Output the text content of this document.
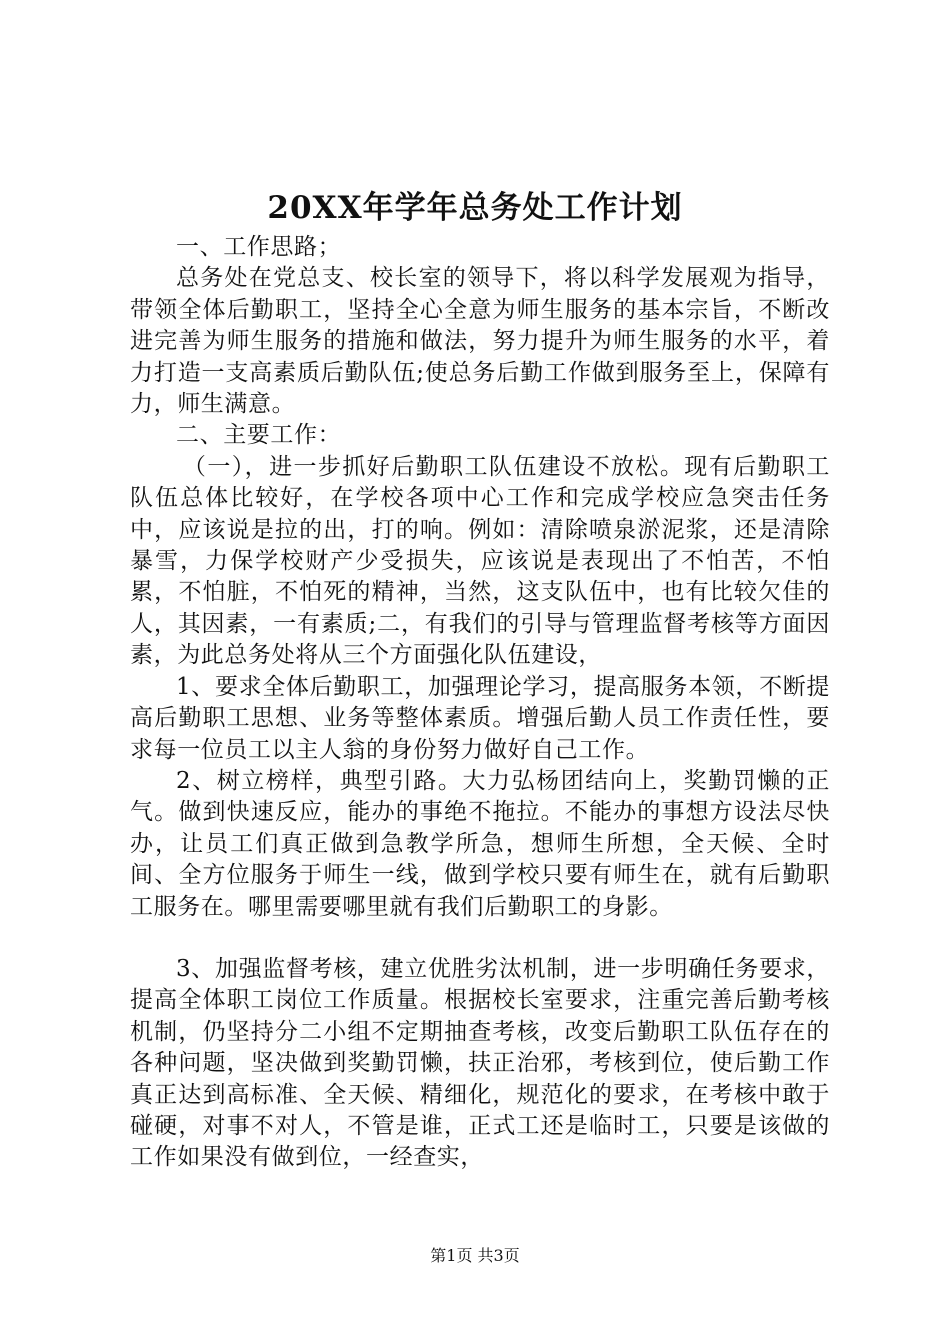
20XX年学年总务处工作计划

一、工作思路；

总务处在党总支、校长室的领导下，将以科学发展观为指导，带领全体后勤职工，坚持全心全意为师生服务的基本宗旨，不断改进完善为师生服务的措施和做法，努力提升为师生服务的水平，着力打造一支高素质后勤队伍;使总务后勤工作做到服务至上，保障有力，师生满意。

二、主要工作：

（一），进一步抓好后勤职工队伍建设不放松。现有后勤职工队伍总体比较好，在学校各项中心工作和完成学校应急突击任务中，应该说是拉的出，打的响。例如：清除喷泉淤泥浆，还是清除暴雪，力保学校财产少受损失，应该说是表现出了不怕苦，不怕累，不怕脏，不怕死的精神，当然，这支队伍中，也有比较欠佳的人，其因素，一有素质;二，有我们的引导与管理监督考核等方面因素，为此总务处将从三个方面强化队伍建设，

1、要求全体后勤职工，加强理论学习，提高服务本领，不断提高后勤职工思想、业务等整体素质。增强后勤人员工作责任性，要求每一位员工以主人翁的身份努力做好自己工作。

2、树立榜样，典型引路。大力弘杨团结向上，奖勤罚懒的正气。做到快速反应，能办的事绝不拖拉。不能办的事想方设法尽快办，让员工们真正做到急教学所急，想师生所想，全天候、全时间、全方位服务于师生一线，做到学校只要有师生在，就有后勤职工服务在。哪里需要哪里就有我们后勤职工的身影。

3、加强监督考核，建立优胜劣汰机制，进一步明确任务要求，提高全体职工岗位工作质量。根据校长室要求，注重完善后勤考核机制，仍坚持分二小组不定期抽查考核，改变后勤职工队伍存在的各种问题，坚决做到奖勤罚懒，扶正治邪，考核到位，使后勤工作真正达到高标准、全天候、精细化，规范化的要求，在考核中敢于碰硬，对事不对人，不管是谁，正式工还是临时工，只要是该做的工作如果没有做到位，一经查实，

第1页 共3页
